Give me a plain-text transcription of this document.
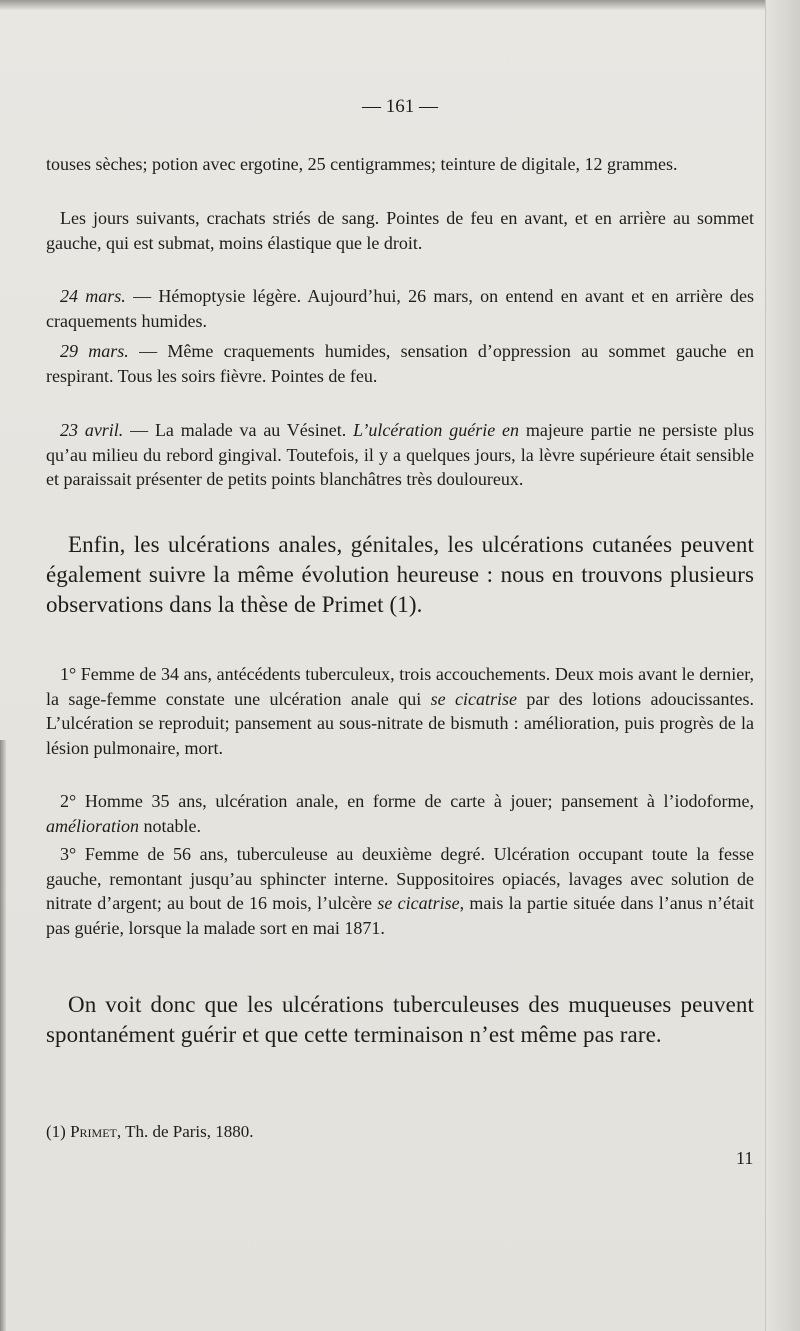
— 161 —

touses sèches; potion avec ergotine, 25 centigrammes; teinture de digitale, 12 grammes.

Les jours suivants, crachats striés de sang. Pointes de feu en avant, et en arrière au sommet gauche, qui est submat, moins élastique que le droit.

24 mars. — Hémoptysie légère. Aujourd’hui, 26 mars, on entend en avant et en arrière des craquements humides.

29 mars. — Même craquements humides, sensation d’oppression au sommet gauche en respirant. Tous les soirs fièvre. Pointes de feu.

23 avril. — La malade va au Vésinet. L’ulcération guérie en majeure partie ne persiste plus qu’au milieu du rebord gingival. Toutefois, il y a quelques jours, la lèvre supérieure était sensible et paraissait présenter de petits points blanchâtres très douloureux.

Enfin, les ulcérations anales, génitales, les ulcérations cutanées peuvent également suivre la même évolution heureuse : nous en trouvons plusieurs observations dans la thèse de Primet (1).

1° Femme de 34 ans, antécédents tuberculeux, trois accouchements. Deux mois avant le dernier, la sage-femme constate une ulcération anale qui se cicatrise par des lotions adoucissantes. L’ulcération se reproduit; pansement au sous-nitrate de bismuth : amélioration, puis progrès de la lésion pulmonaire, mort.

2° Homme 35 ans, ulcération anale, en forme de carte à jouer; pansement à l’iodoforme, amélioration notable.

3° Femme de 56 ans, tuberculeuse au deuxième degré. Ulcération occupant toute la fesse gauche, remontant jusqu’au sphincter interne. Suppositoires opiacés, lavages avec solution de nitrate d’argent; au bout de 16 mois, l’ulcère se cicatrise, mais la partie située dans l’anus n’était pas guérie, lorsque la malade sort en mai 1871.

On voit donc que les ulcérations tuberculeuses des muqueuses peuvent spontanément guérir et que cette terminaison n’est même pas rare.

(1) Primet, Th. de Paris, 1880.
11
